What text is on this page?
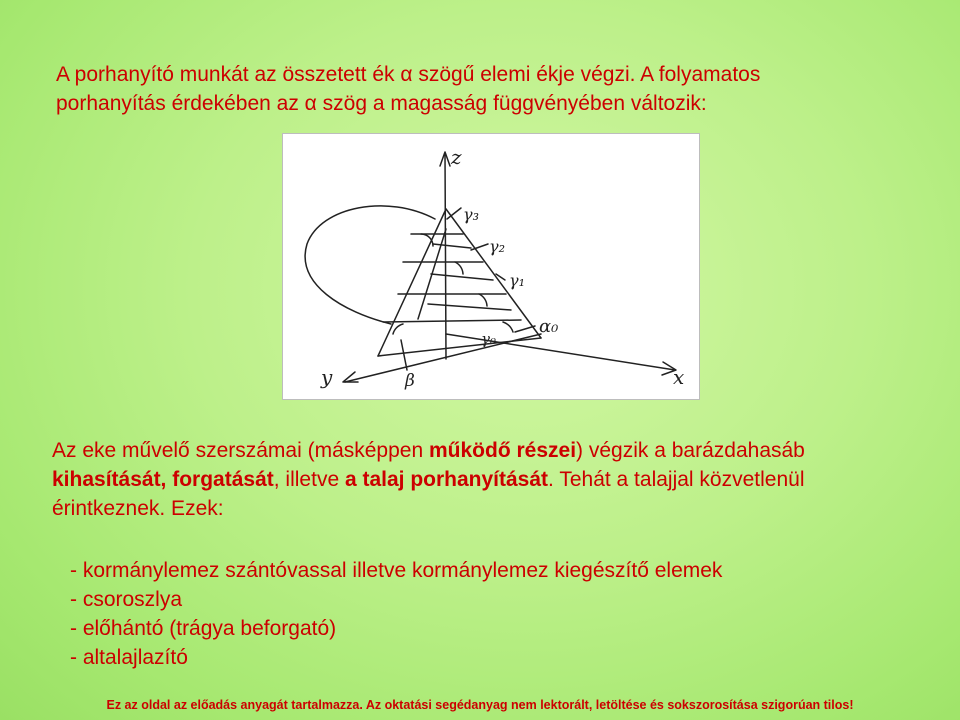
A porhanyító munkát az összetett ék α szögű elemi ékje végzi. A folyamatos
porhanyítás érdekében az α szög a magasság függvényében változik:

z
x
y	β
α₀
γ₀
γ₁
γ₂
γ₃

Az eke művelő szerszámai (másképpen működő részei) végzik a barázdahasáb
kihasítását, forgatását, illetve a talaj porhanyítását. Tehát a talajjal közvetlenül
érintkeznek. Ezek:

- kormánylemez szántóvassal illetve kormánylemez kiegészítő elemek
- csoroszlya
- előhántó (trágya beforgató)
- altalajlazító
Ez az oldal az előadás anyagát tartalmazza. Az oktatási segédanyag nem lektorált, letöltése és sokszorosítása szigorúan tilos!
